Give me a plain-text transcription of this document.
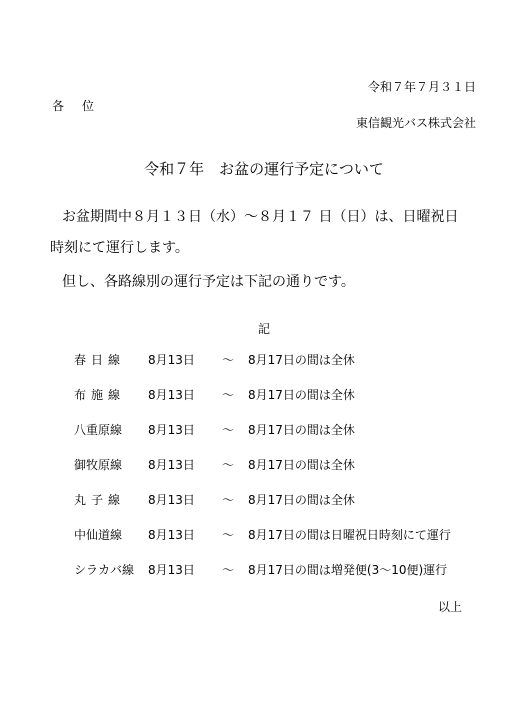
令和７年７月３１日
各位
東信観光バス株式会社
令和７年　お盆の運行予定について
お盆期間中８月１３日（水）～８月１７ 日（日）は、日曜祝日
時刻にて運行します。
但し、各路線別の運行予定は下記の通りです。
記
春日線	8月13日 ～ 8月17日の間は全休
布施線	8月13日 ～ 8月17日の間は全休
八重原線	8月13日 ～ 8月17日の間は全休
御牧原線	8月13日 ～ 8月17日の間は全休
丸子線	8月13日 ～ 8月17日の間は全休
中仙道線	8月13日 ～ 8月17日の間は日曜祝日時刻にて運行
シラカバ線	8月13日 ～ 8月17日の間は増発便(3～10便)運行
以上
